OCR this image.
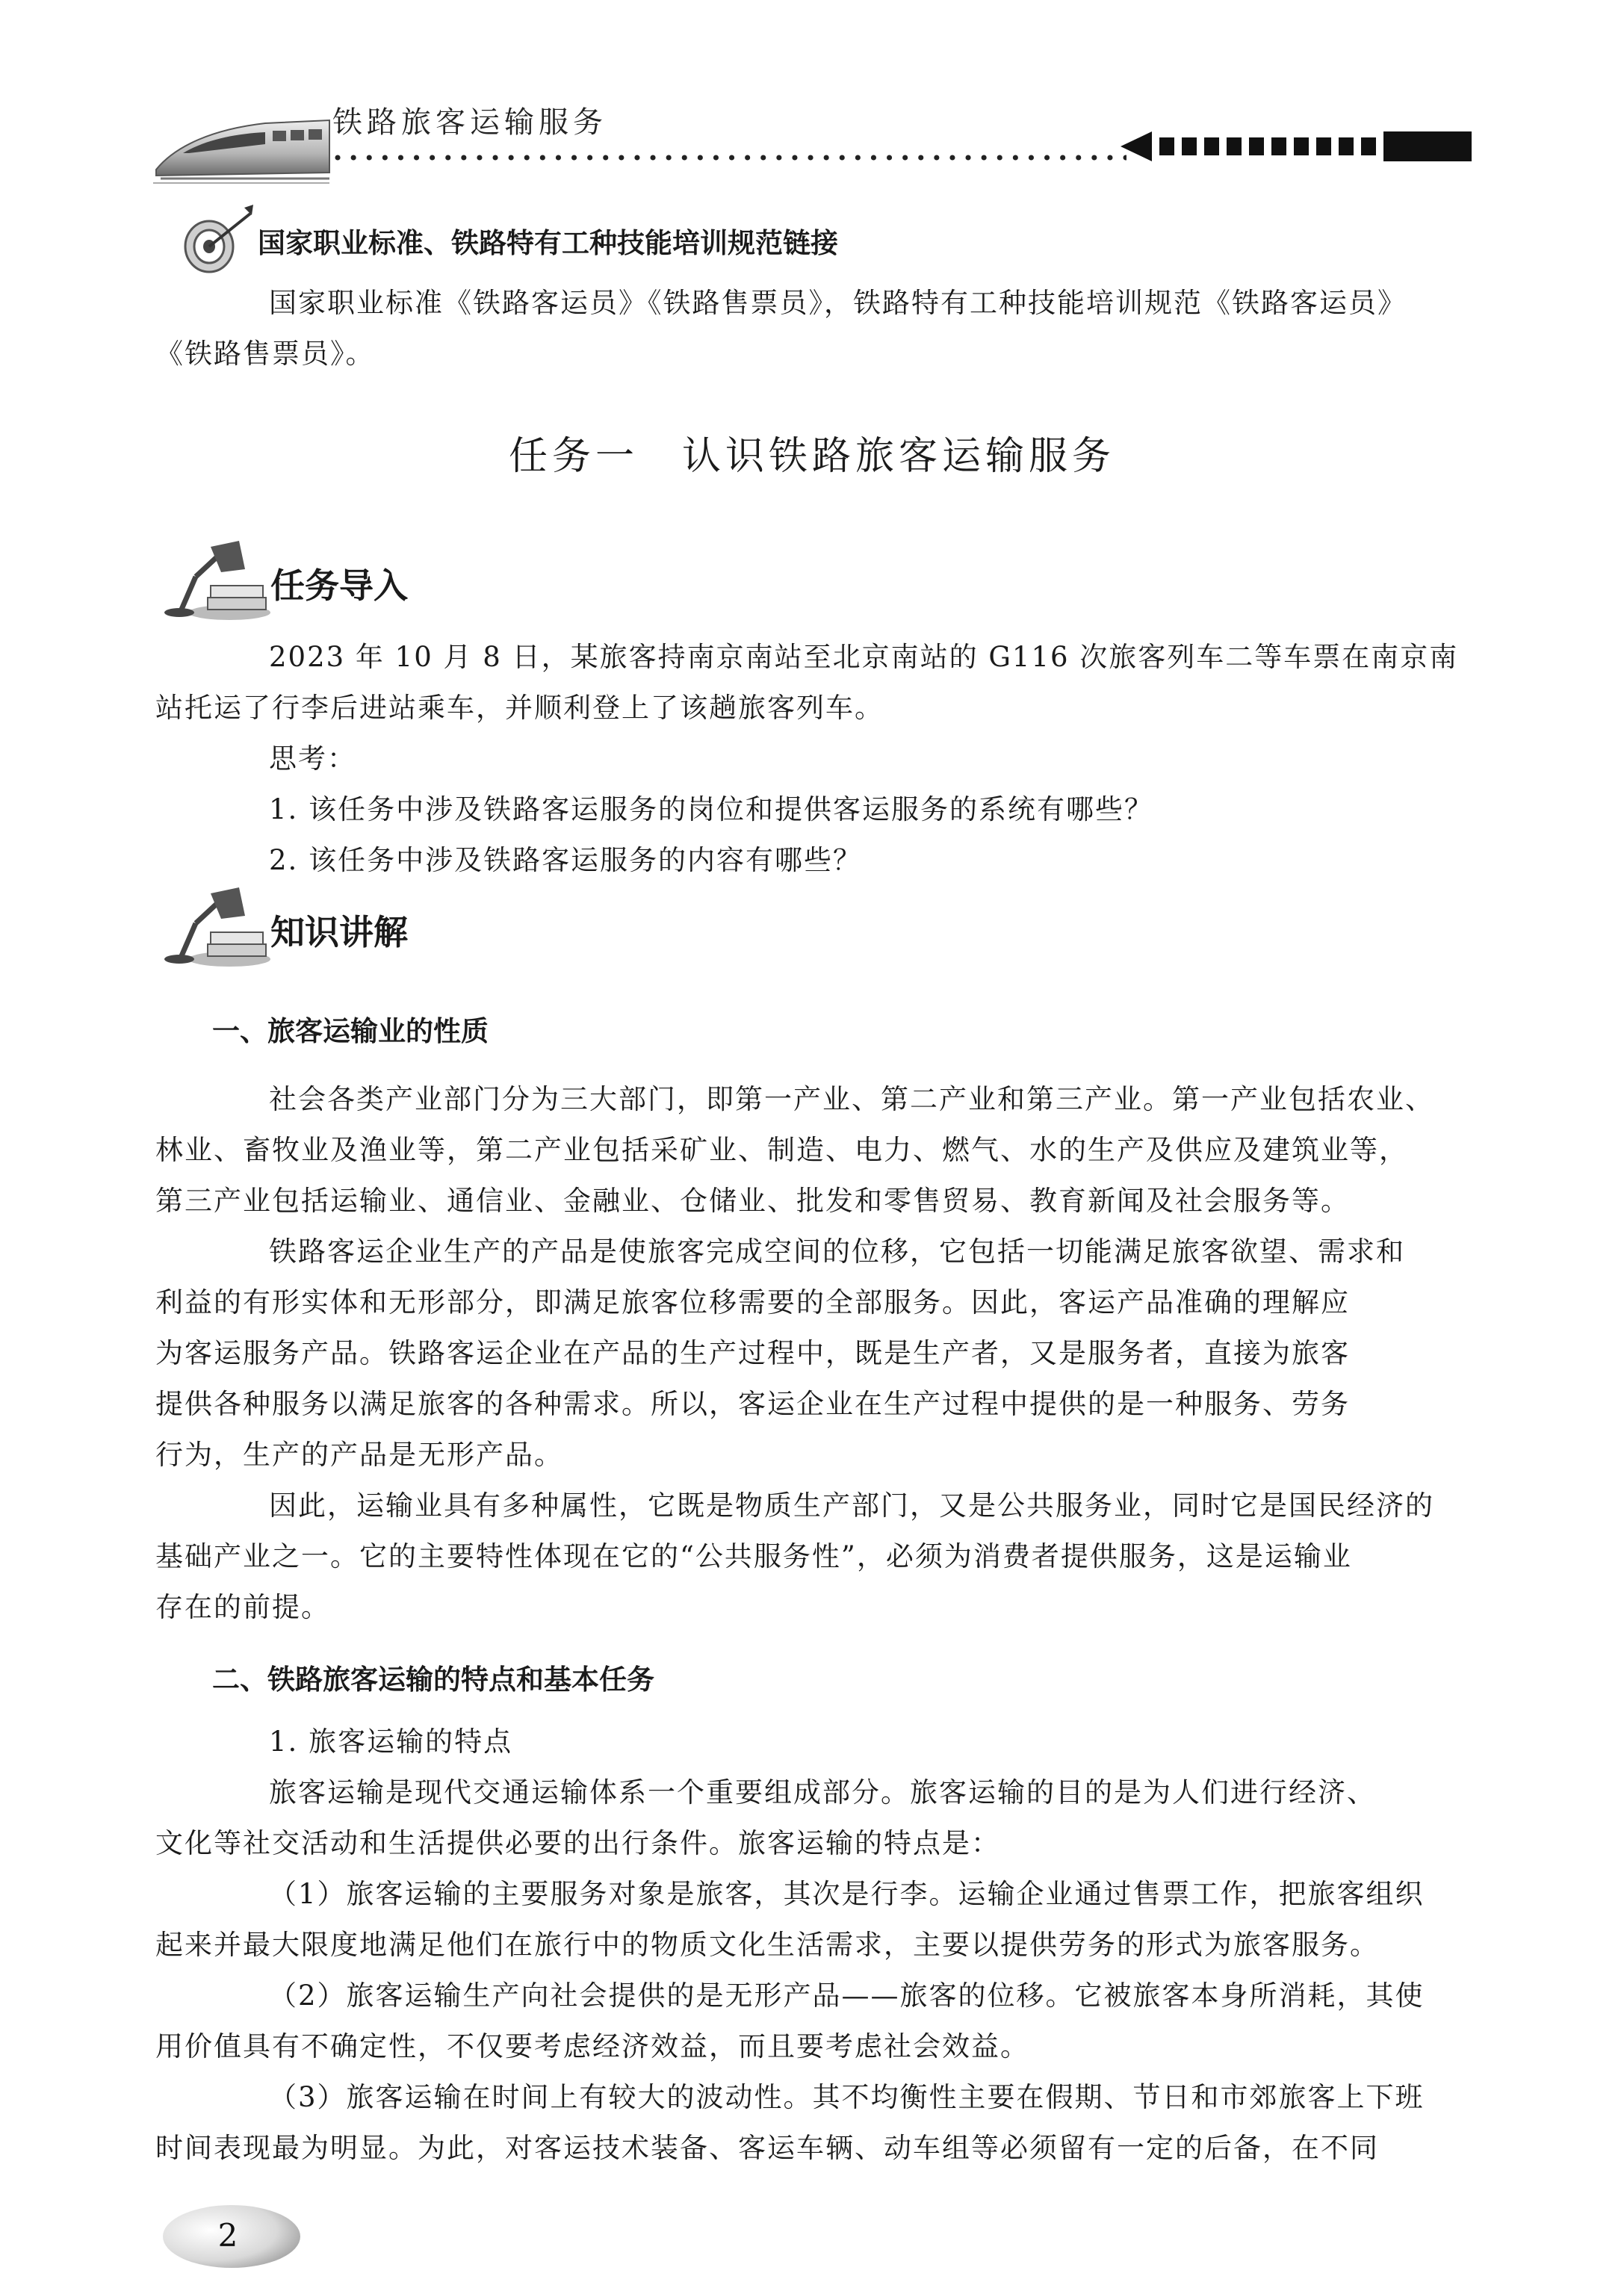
铁路旅客运输服务
国家职业标准、铁路特有工种技能培训规范链接
国家职业标准《铁路客运员》《铁路售票员》，铁路特有工种技能培训规范《铁路客运员》
《铁路售票员》。
任务一　认识铁路旅客运输服务
任务导入
2023 年 10 月 8 日，某旅客持南京南站至北京南站的 G116 次旅客列车二等车票在南京南
站托运了行李后进站乘车，并顺利登上了该趟旅客列车。
思考：
1. 该任务中涉及铁路客运服务的岗位和提供客运服务的系统有哪些？
2. 该任务中涉及铁路客运服务的内容有哪些？
知识讲解
一、旅客运输业的性质
社会各类产业部门分为三大部门，即第一产业、第二产业和第三产业。第一产业包括农业、
林业、畜牧业及渔业等，第二产业包括采矿业、制造、电力、燃气、水的生产及供应及建筑业等，
第三产业包括运输业、通信业、金融业、仓储业、批发和零售贸易、教育新闻及社会服务等。
铁路客运企业生产的产品是使旅客完成空间的位移，它包括一切能满足旅客欲望、需求和
利益的有形实体和无形部分，即满足旅客位移需要的全部服务。因此，客运产品准确的理解应
为客运服务产品。铁路客运企业在产品的生产过程中，既是生产者，又是服务者，直接为旅客
提供各种服务以满足旅客的各种需求。所以，客运企业在生产过程中提供的是一种服务、劳务
行为，生产的产品是无形产品。
因此，运输业具有多种属性，它既是物质生产部门，又是公共服务业，同时它是国民经济的
基础产业之一。它的主要特性体现在它的“公共服务性”，必须为消费者提供服务，这是运输业
存在的前提。
二、铁路旅客运输的特点和基本任务
1. 旅客运输的特点
旅客运输是现代交通运输体系一个重要组成部分。旅客运输的目的是为人们进行经济、
文化等社交活动和生活提供必要的出行条件。旅客运输的特点是：
（1）旅客运输的主要服务对象是旅客，其次是行李。运输企业通过售票工作，把旅客组织
起来并最大限度地满足他们在旅行中的物质文化生活需求，主要以提供劳务的形式为旅客服务。
（2）旅客运输生产向社会提供的是无形产品——旅客的位移。它被旅客本身所消耗，其使
用价值具有不确定性，不仅要考虑经济效益，而且要考虑社会效益。
（3）旅客运输在时间上有较大的波动性。其不均衡性主要在假期、节日和市郊旅客上下班
时间表现最为明显。为此，对客运技术装备、客运车辆、动车组等必须留有一定的后备，在不同
2
